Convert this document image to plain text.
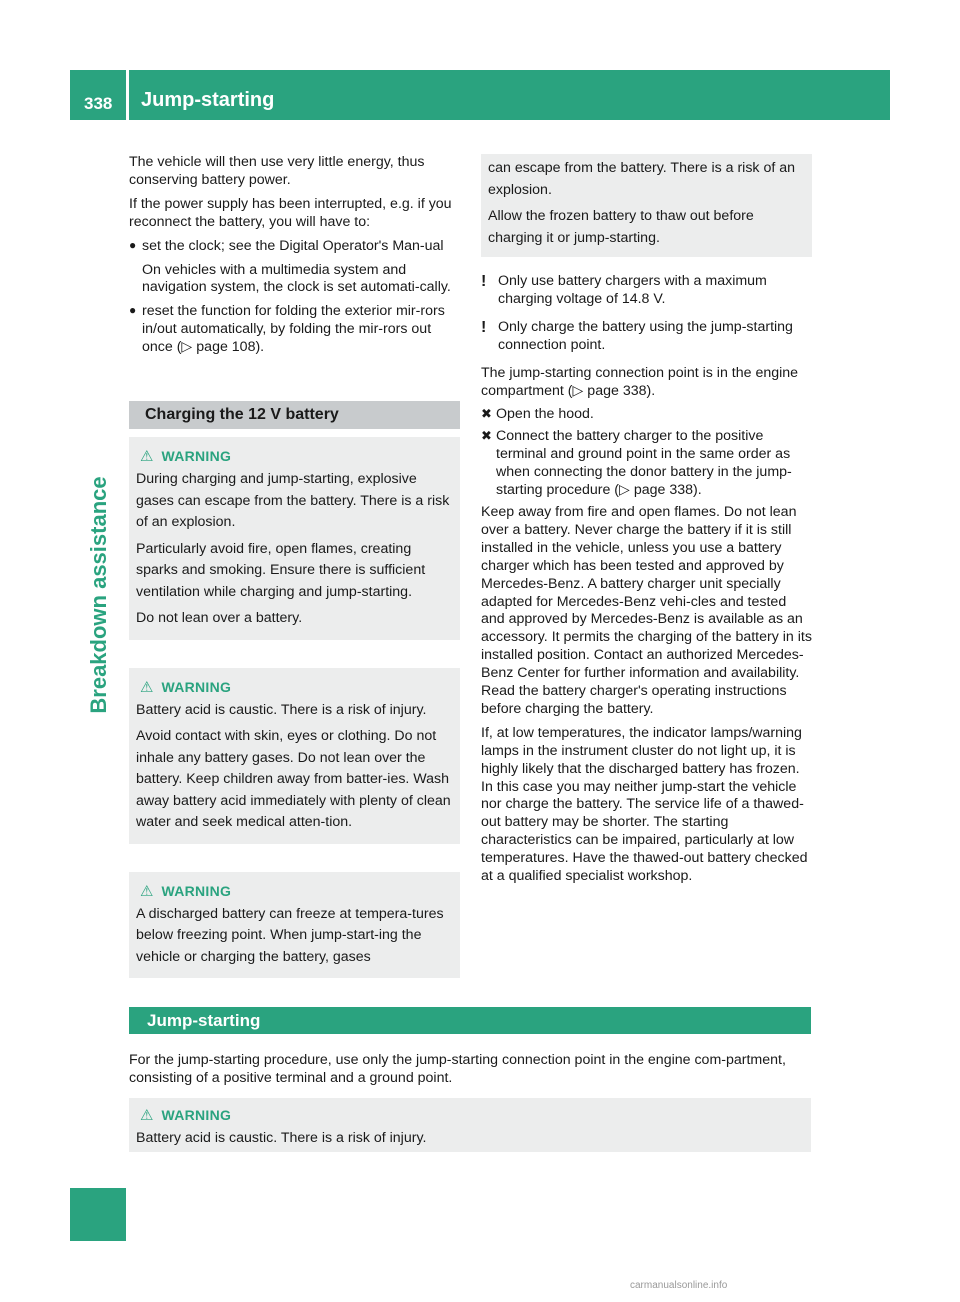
338 Jump-starting
Breakdown assistance

The vehicle will then use very little energy, thus conserving battery power.

If the power supply has been interrupted, e.g. if you reconnect the battery, you will have to:

● set the clock; see the Digital Operator's Man-ual

On vehicles with a multimedia system and navigation system, the clock is set automati-cally.

● reset the function for folding the exterior mir-rors in/out automatically, by folding the mir-rors out once (▷ page 108).

Charging the 12 V battery
⚠ WARNING

During charging and jump-starting, explosive gases can escape from the battery. There is a risk of an explosion.

Particularly avoid fire, open flames, creating sparks and smoking. Ensure there is sufficient ventilation while charging and jump-starting.

Do not lean over a battery.

⚠ WARNING

Battery acid is caustic. There is a risk of injury.

Avoid contact with skin, eyes or clothing. Do not inhale any battery gases. Do not lean over the battery. Keep children away from batter-ies. Wash away battery acid immediately with plenty of clean water and seek medical atten-tion.

⚠ WARNING

A discharged battery can freeze at tempera-tures below freezing point. When jump-start-ing the vehicle or charging the battery, gases

can escape from the battery. There is a risk of an explosion.

Allow the frozen battery to thaw out before charging it or jump-starting.

! Only use battery chargers with a maximum charging voltage of 14.8 V.

! Only charge the battery using the jump-starting connection point.

The jump-starting connection point is in the engine compartment (▷ page 338).

✖ Open the hood.

✖ Connect the battery charger to the positive terminal and ground point in the same order as when connecting the donor battery in the jump-starting procedure (▷ page 338).

Keep away from fire and open flames. Do not lean over a battery. Never charge the battery if it is still installed in the vehicle, unless you use a battery charger which has been tested and approved by Mercedes-Benz. A battery charger unit specially adapted for Mercedes-Benz vehi-cles and tested and approved by Mercedes-Benz is available as an accessory. It permits the charging of the battery in its installed position. Contact an authorized Mercedes-Benz Center for further information and availability. Read the battery charger's operating instructions before charging the battery.

If, at low temperatures, the indicator lamps/warning lamps in the instrument cluster do not light up, it is highly likely that the discharged battery has frozen. In this case you may neither jump-start the vehicle nor charge the battery. The service life of a thawed-out battery may be shorter. The starting characteristics can be impaired, particularly at low temperatures. Have the thawed-out battery checked at a qualified specialist workshop.

Jump-starting

For the jump-starting procedure, use only the jump-starting connection point in the engine com-partment, consisting of a positive terminal and a ground point.

⚠ WARNING

Battery acid is caustic. There is a risk of injury.

carmanualsonline.info
